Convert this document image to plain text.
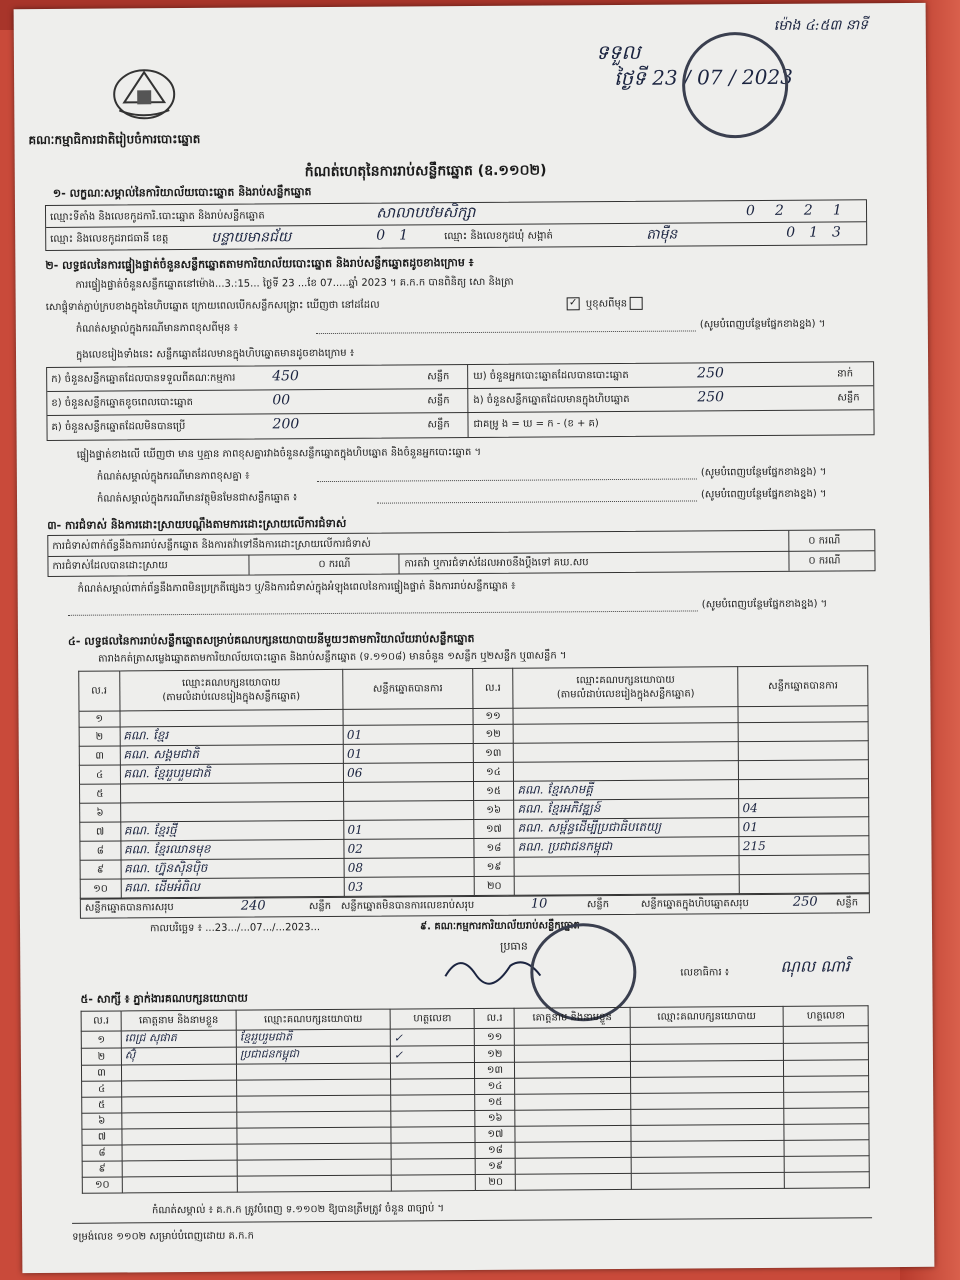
គណៈកម្មាធិការជាតិរៀបចំការបោះឆ្នោត
កំណត់ហេតុនៃការរាប់សន្លឹកឆ្នោត (ឧ.១១០២)
ទទួល
ម៉ោង ៤:៥៣ នាទី
ថ្ងៃទី 23 / 07 / 2023
១- លក្ខណៈសម្គាល់នៃការិយាល័យបោះឆ្នោត និងរាប់សន្លឹកឆ្នោត
ឈ្មោះទីតាំង និងលេខកូដការិ.បោះឆ្នោត និងរាប់សន្លឹកឆ្នោត	សាលាបឋមសិក្សា	0221
ឈ្មោះ និងលេខកូដរាជធានី ខេត្ត	បន្ទាយមានជ័យ	01 ឈ្មោះ និងលេខកូដឃុំ សង្កាត់	តាម៉ឺន	013
២- លទ្ធផលនៃការផ្ទៀងផ្ទាត់ចំនួនសន្លឹកឆ្នោតតាមការិយាល័យបោះឆ្នោត និងរាប់សន្លឹកឆ្នោតដូចខាងក្រោម ៖
ការផ្ទៀងផ្ទាត់ចំនួនសន្លឹកឆ្នោតនៅម៉ោង...3.:15... ថ្ងៃទី 23 ...ខែ 07.....ឆ្នាំ 2023 ។ គ.ក.ក បានពិនិត្យ សោ និងត្រា
សោផ្ទុំទាត់ភ្ជាប់ក្របខាងក្នុងនៃហិបឆ្នោត ក្រោយពេលបើកសន្លឹកសង្គ្រោះ ឃើញថា នៅដដែល	✓ ឬខុសពីមុន
កំណត់សម្គាល់ក្នុងករណីមានភាពខុសពីមុន ៖	(សូមបំពេញបន្ថែមផ្នែកខាងខ្នង) ។
ក្នុងលេខរៀងទាំងនេះ សន្លឹកឆ្នោតដែលមានក្នុងហិបឆ្នោតមានដូចខាងក្រោម ៖
ក) ចំនួនសន្លឹកឆ្នោតដែលបានទទួលពីគណៈកម្មការ	450	សន្លឹក ឃ) ចំនួនអ្នកបោះឆ្នោតដែលបានបោះឆ្នោត	250	នាក់
ខ) ចំនួនសន្លឹកឆ្នោតខូចពេលបោះឆ្នោត	00	សន្លឹក ង) ចំនួនសន្លឹកឆ្នោតដែលមានក្នុងហិបឆ្នោត	250	សន្លឹក
គ) ចំនួនសន្លឹកឆ្នោតដែលមិនបានប្រើ	200	សន្លឹក ជាគម្រូ ង = ឃ = ក - (ខ + គ)
ផ្ទៀងផ្ទាត់ខាងលើ ឃើញថា មាន ឬគ្មាន ភាពខុសគ្នារវាងចំនួនសន្លឹកឆ្នោតក្នុងហិបឆ្នោត និងចំនួនអ្នកបោះឆ្នោត ។
កំណត់សម្គាល់ក្នុងករណីមានភាពខុសគ្នា ៖	(សូមបំពេញបន្ថែមផ្នែកខាងខ្នង) ។
កំណត់សម្គាល់ក្នុងករណីមានវត្ថុមិនមែនជាសន្លឹកឆ្នោត ៖	(សូមបំពេញបន្ថែមផ្នែកខាងខ្នង) ។
៣- ការជំទាស់ និងការដោះស្រាយបណ្តឹងតាមការដោះស្រាយលើការជំទាស់
ការជំទាស់ពាក់ព័ន្ធនឹងការរាប់សន្លឹកឆ្នោត និងការតវ៉ាទៅនឹងការដោះស្រាយលើការជំទាស់	០ ករណី
ការជំទាស់ដែលបានដោះស្រាយ	០ ករណី	ការតវ៉ា ឬការជំទាស់ដែលអាចនឹងប្តឹងទៅ គឃ.សប	០ ករណី
កំណត់សម្គាល់ពាក់ព័ន្ធនឹងភាពមិនប្រក្រតីផ្សេងៗ ឬ/និងការជំទាស់ក្នុងអំឡុងពេលនៃការផ្ទៀងផ្ទាត់ និងការរាប់សន្លឹកឆ្នោត ៖
(សូមបំពេញបន្ថែមផ្នែកខាងខ្នង) ។
៤- លទ្ធផលនៃការរាប់សន្លឹកឆ្នោតសម្រាប់គណបក្សនយោបាយនីមួយៗតាមការិយាល័យរាប់សន្លឹកឆ្នោត
តារាងកត់ត្រាសម្លេងឆ្នោតតាមការិយាល័យបោះឆ្នោត និងរាប់សន្លឹកឆ្នោត (ទ.១១០៨) មានចំនួន ១សន្លឹក ឬ២សន្លឹក ឬ៣សន្លឹក ។
ល.រ	ឈ្មោះគណបក្សនយោបាយ
(តាមលំដាប់លេខរៀងក្នុងសន្លឹកឆ្នោត)	សន្លឹកឆ្នោតបានការ	ល.រ	ឈ្មោះគណបក្សនយោបាយ
(តាមលំដាប់លេខរៀងក្នុងសន្លឹកឆ្នោត)	សន្លឹកឆ្នោតបានការ
១			១១		
២	គណ. ខ្មែរ	01	១២		
៣	គណ. សង្គមជាតិ	01	១៣		
៤	គណ. ខ្មែររួបរួមជាតិ	06	១៤		
៥			១៥	គណ. ខ្មែរសាមគ្គី	
៦			១៦	គណ. ខ្មែរអភិវឌ្ឍន៍	04
៧	គណ. ខ្មែរថ្មី	01	១៧	គណ. សម្ព័ន្ធដើម្បីប្រជាធិបតេយ្យ	01
៨	គណ. ខ្មែរឈានមុខ	02	១៨	គណ. ប្រជាជនកម្ពុជា	215
៩	គណ. ហ្វ៊ុនស៊ិនប៉ិច	08	១៩		
១០	គណ. ដើមអំពិល	03	២០		
សន្លឹកឆ្នោតបានការសរុប	240	សន្លឹក សន្លឹកឆ្នោតមិនបានការលេខរាប់សរុប	10	សន្លឹក	សន្លឹកឆ្នោតក្នុងហិបឆ្នោតសរុប	250 សន្លឹក
កាលបរិច្ឆេទ ៖ ...23.../...07.../...2023...	៩. គណៈកម្មការការិយាល័យរាប់សន្លឹកឆ្នោត
ប្រធាន
លេខាធិការ ៖	ណុល ណារិ
៥- សាក្សី ៖ ភ្នាក់ងារគណបក្សនយោបាយ
ល.រ	គោត្តនាម និងនាមខ្លួន	ឈ្មោះគណបក្សនយោបាយ	ហត្ថលេខា	ល.រ	គោត្តនាម និងនាមខ្លួន	ឈ្មោះគណបក្សនយោបាយ	ហត្ថលេខា
១	ពេជ្រ សុផាត	ខ្មែររួបរួមជាតិ	✓	១១			
២	ស៊ុំ	ប្រជាជនកម្ពុជា	✓	១២			
៣				១៣			
៤				១៤			
៥				១៥			
៦				១៦			
៧				១៧			
៨				១៨			
៩				១៩			
១០				២០			
កំណត់សម្គាល់ ៖ គ.ក.ក ត្រូវបំពេញ ទ.១១០២ ឱ្យបានត្រឹមត្រូវ ចំនួន ៣ច្បាប់ ។
ទម្រង់លេខ ១១០២ សម្រាប់បំពេញដោយ គ.ក.ក
